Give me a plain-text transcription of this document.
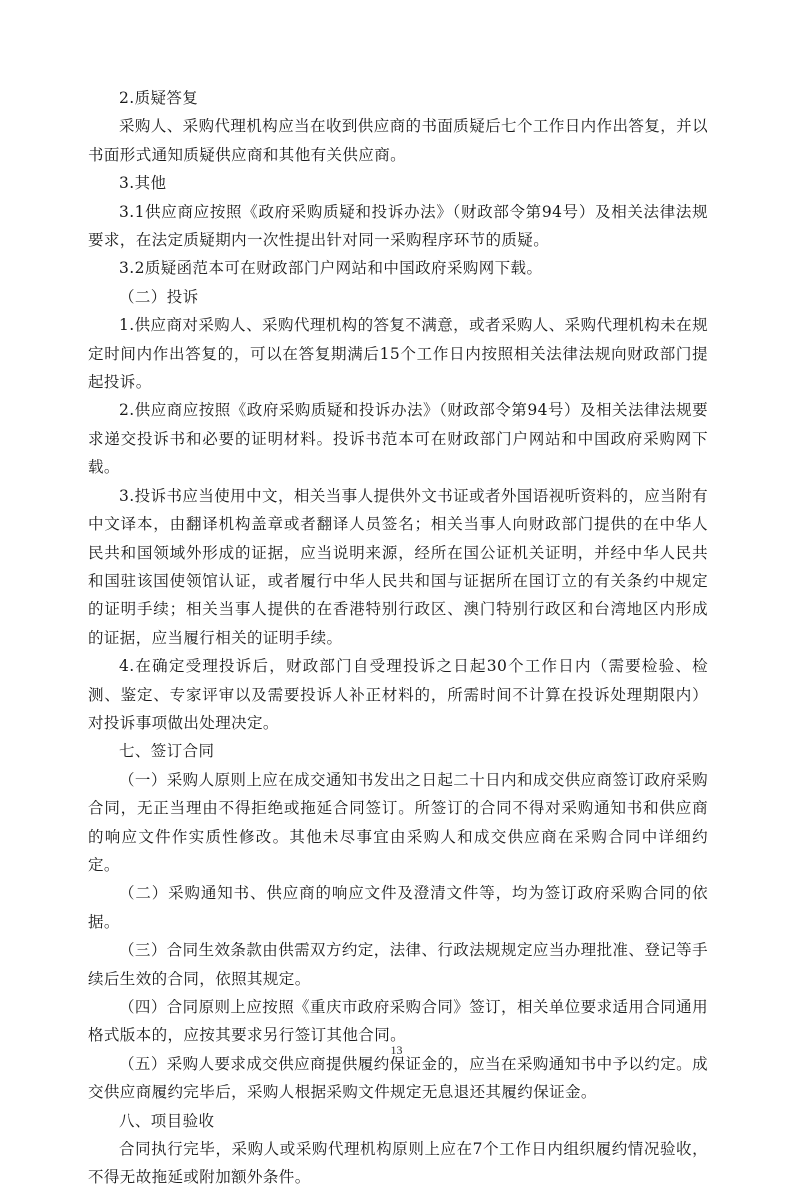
2.质疑答复

采购人、采购代理机构应当在收到供应商的书面质疑后七个工作日内作出答复，并以书面形式通知质疑供应商和其他有关供应商。

3.其他

3.1供应商应按照《政府采购质疑和投诉办法》（财政部令第94号）及相关法律法规要求，在法定质疑期内一次性提出针对同一采购程序环节的质疑。

3.2质疑函范本可在财政部门户网站和中国政府采购网下载。

（二）投诉

1.供应商对采购人、采购代理机构的答复不满意，或者采购人、采购代理机构未在规定时间内作出答复的，可以在答复期满后15个工作日内按照相关法律法规向财政部门提起投诉。

2.供应商应按照《政府采购质疑和投诉办法》（财政部令第94号）及相关法律法规要求递交投诉书和必要的证明材料。投诉书范本可在财政部门户网站和中国政府采购网下载。

3.投诉书应当使用中文，相关当事人提供外文书证或者外国语视听资料的，应当附有中文译本，由翻译机构盖章或者翻译人员签名；相关当事人向财政部门提供的在中华人民共和国领域外形成的证据，应当说明来源，经所在国公证机关证明，并经中华人民共和国驻该国使领馆认证，或者履行中华人民共和国与证据所在国订立的有关条约中规定的证明手续；相关当事人提供的在香港特别行政区、澳门特别行政区和台湾地区内形成的证据，应当履行相关的证明手续。

4.在确定受理投诉后，财政部门自受理投诉之日起30个工作日内（需要检验、检测、鉴定、专家评审以及需要投诉人补正材料的，所需时间不计算在投诉处理期限内）对投诉事项做出处理决定。

七、签订合同

（一）采购人原则上应在成交通知书发出之日起二十日内和成交供应商签订政府采购合同，无正当理由不得拒绝或拖延合同签订。所签订的合同不得对采购通知书和供应商的响应文件作实质性修改。其他未尽事宜由采购人和成交供应商在采购合同中详细约定。

（二）采购通知书、供应商的响应文件及澄清文件等，均为签订政府采购合同的依据。

（三）合同生效条款由供需双方约定，法律、行政法规规定应当办理批准、登记等手续后生效的合同，依照其规定。

（四）合同原则上应按照《重庆市政府采购合同》签订，相关单位要求适用合同通用格式版本的，应按其要求另行签订其他合同。

（五）采购人要求成交供应商提供履约保证金的，应当在采购通知书中予以约定。成交供应商履约完毕后，采购人根据采购文件规定无息退还其履约保证金。

八、项目验收

合同执行完毕，采购人或采购代理机构原则上应在7个工作日内组织履约情况验收，不得无故拖延或附加额外条件。

13
